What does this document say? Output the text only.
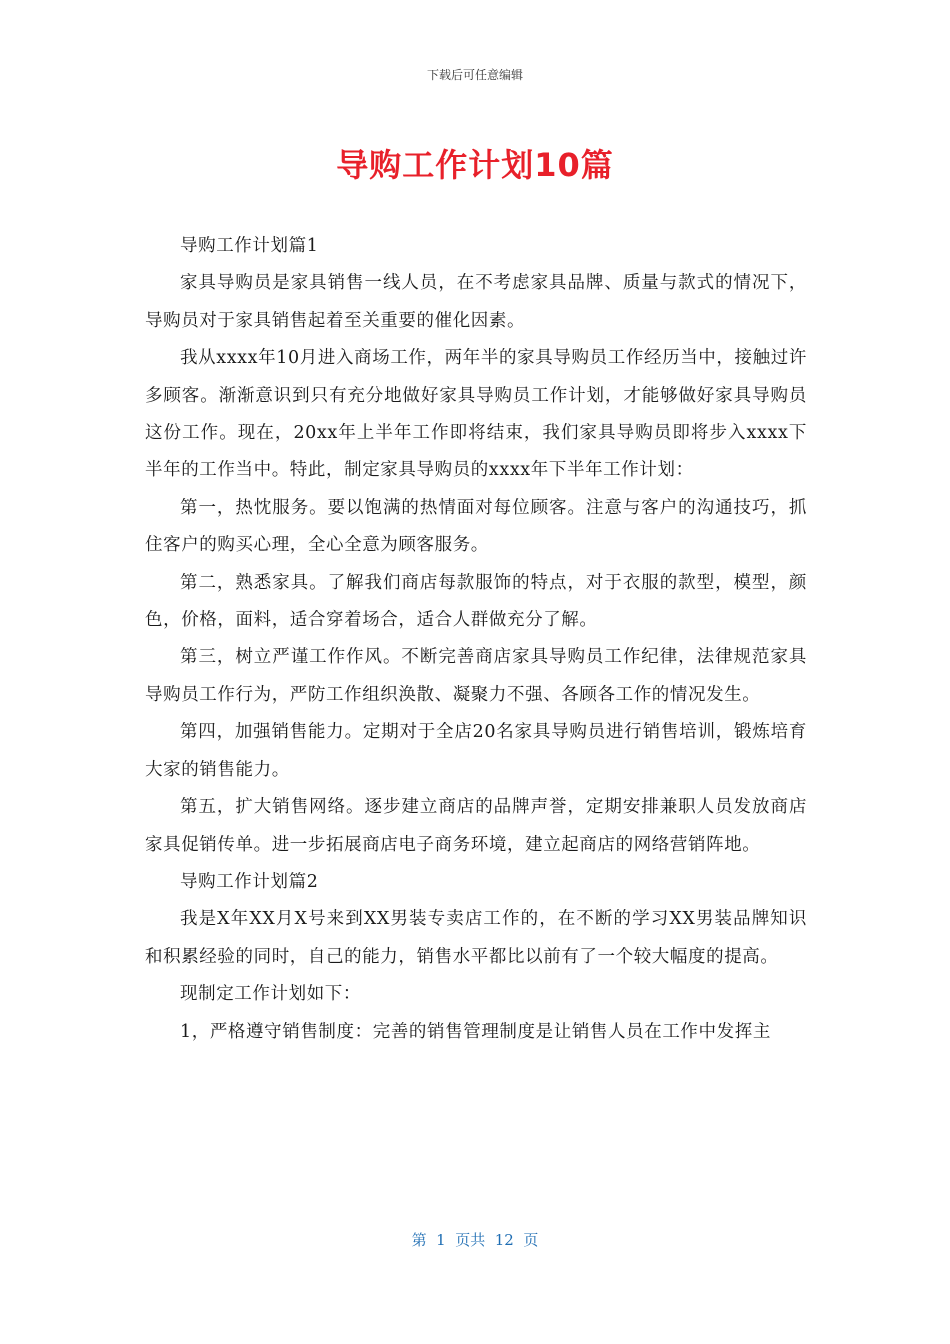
下载后可任意编辑
导购工作计划10篇

导购工作计划篇1

家具导购员是家具销售一线人员，在不考虑家具品牌、质量与款式的情况下，导购员对于家具销售起着至关重要的催化因素。

我从xxxx年10月进入商场工作，两年半的家具导购员工作经历当中，接触过许多顾客。渐渐意识到只有充分地做好家具导购员工作计划，才能够做好家具导购员这份工作。现在，20xx年上半年工作即将结束，我们家具导购员即将步入xxxx下半年的工作当中。特此，制定家具导购员的xxxx年下半年工作计划：

第一，热忱服务。要以饱满的热情面对每位顾客。注意与客户的沟通技巧，抓住客户的购买心理，全心全意为顾客服务。

第二，熟悉家具。了解我们商店每款服饰的特点，对于衣服的款型，模型，颜色，价格，面料，适合穿着场合，适合人群做充分了解。

第三，树立严谨工作作风。不断完善商店家具导购员工作纪律，法律规范家具导购员工作行为，严防工作组织涣散、凝聚力不强、各顾各工作的情况发生。

第四，加强销售能力。定期对于全店20名家具导购员进行销售培训，锻炼培育大家的销售能力。

第五，扩大销售网络。逐步建立商店的品牌声誉，定期安排兼职人员发放商店家具促销传单。进一步拓展商店电子商务环境，建立起商店的网络营销阵地。

导购工作计划篇2

我是X年XX月X号来到XX男装专卖店工作的，在不断的学习XX男装品牌知识和积累经验的同时，自己的能力，销售水平都比以前有了一个较大幅度的提高。

现制定工作计划如下：

1，严格遵守销售制度：完善的销售管理制度是让销售人员在工作中发挥主

第  1  页共  12  页
